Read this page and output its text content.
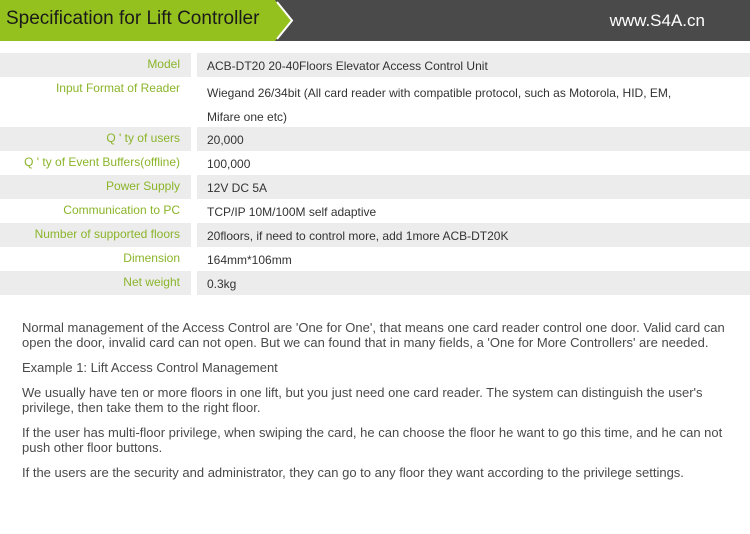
Specification for Lift Controller	www.S4A.cn
Model ACB-DT20 20-40Floors Elevator Access Control Unit
Input Format of Reader Wiegand 26/34bit (All card reader with compatible protocol, such as Motorola, HID, EM,
Mifare one etc)
Q ' ty of users 20,000
Q ' ty of Event Buffers(offline) 100,000
Power Supply 12V DC 5A
Communication to PC TCP/IP 10M/100M self adaptive
Number of supported floors 20floors, if need to control more, add 1more ACB-DT20K
Dimension 164mm*106mm
Net weight 0.3kg

Normal management of the Access Control are 'One for One', that means one card reader control one door. Valid card can open the door, invalid card can not open. But we can found that in many fields, a 'One for More Controllers' are needed.

Example 1: Lift Access Control Management

We usually have ten or more floors in one lift, but you just need one card reader. The system can distinguish the user's privilege, then take them to the right floor.

If the user has multi-floor privilege, when swiping the card, he can choose the floor he want to go this time, and he can not push other floor buttons.

If the users are the security and administrator, they can go to any floor they want according to the privilege settings.
